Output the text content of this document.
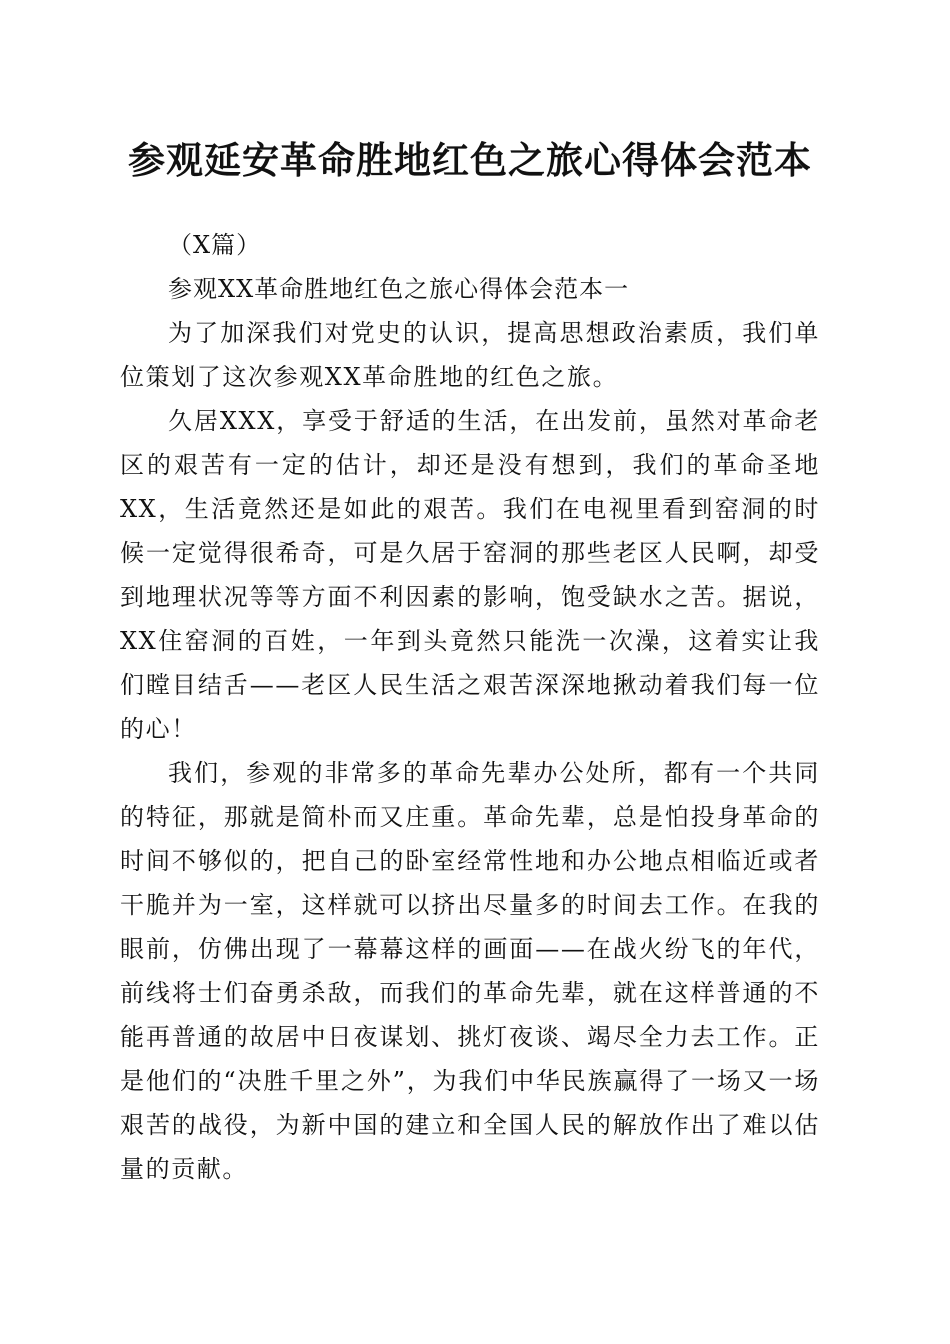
参观延安革命胜地红色之旅心得体会范本

（X篇）

参观XX革命胜地红色之旅心得体会范本一

为了加深我们对党史的认识，提高思想政治素质，我们单位策划了这次参观XX革命胜地的红色之旅。

久居XXX，享受于舒适的生活，在出发前，虽然对革命老区的艰苦有一定的估计，却还是没有想到，我们的革命圣地XX，生活竟然还是如此的艰苦。我们在电视里看到窑洞的时候一定觉得很希奇，可是久居于窑洞的那些老区人民啊，却受到地理状况等等方面不利因素的影响，饱受缺水之苦。据说，XX住窑洞的百姓，一年到头竟然只能洗一次澡，这着实让我们瞠目结舌——老区人民生活之艰苦深深地揪动着我们每一位的心！

我们，参观的非常多的革命先辈办公处所，都有一个共同的特征，那就是简朴而又庄重。革命先辈，总是怕投身革命的时间不够似的，把自己的卧室经常性地和办公地点相临近或者干脆并为一室，这样就可以挤出尽量多的时间去工作。在我的眼前，仿佛出现了一幕幕这样的画面——在战火纷飞的年代，前线将士们奋勇杀敌，而我们的革命先辈，就在这样普通的不能再普通的故居中日夜谋划、挑灯夜谈、竭尽全力去工作。正是他们的“决胜千里之外”，为我们中华民族赢得了一场又一场艰苦的战役，为新中国的建立和全国人民的解放作出了难以估量的贡献。
